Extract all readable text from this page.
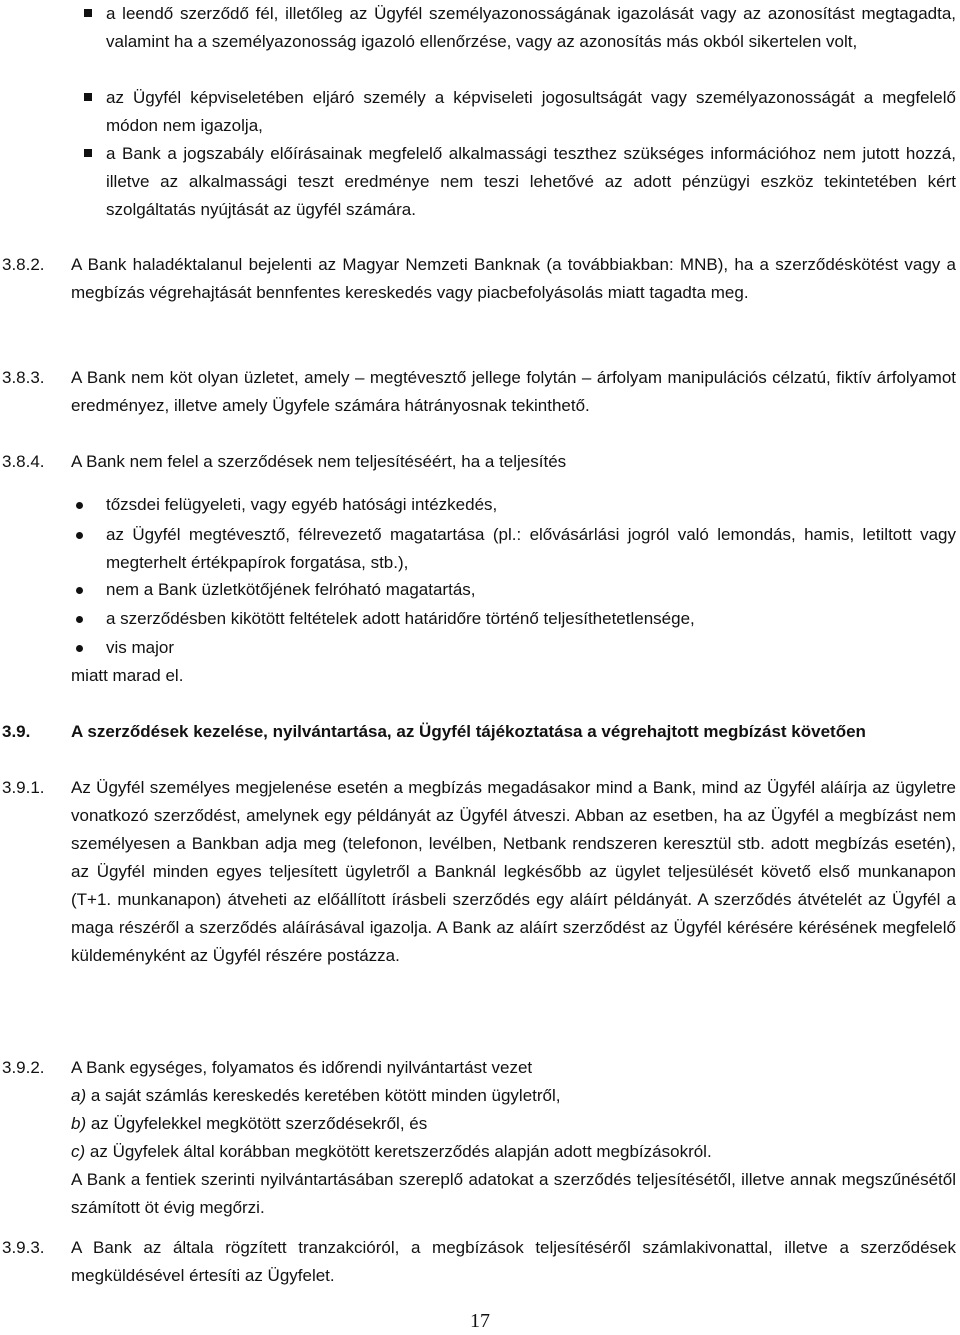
a leendő szerződő fél, illetőleg az Ügyfél személyazonosságának igazolását vagy az azonosítást megtagadta, valamint ha a személyazonosság igazoló ellenőrzése, vagy az azonosítás más okból sikertelen volt,
az Ügyfél képviseletében eljáró személy a képviseleti jogosultságát vagy személyazonosságát a megfelelő módon nem igazolja,
a Bank a jogszabály előírásainak megfelelő alkalmassági teszthez szükséges információhoz nem jutott hozzá, illetve az alkalmassági teszt eredménye nem teszi lehetővé az adott pénzügyi eszköz tekintetében kért szolgáltatás nyújtását az ügyfél számára.
3.8.2. A Bank haladéktalanul bejelenti az Magyar Nemzeti Banknak (a továbbiakban: MNB), ha a szerződéskötést vagy a megbízás végrehajtását bennfentes kereskedés vagy piacbefolyásolás miatt tagadta meg.
3.8.3. A Bank nem köt olyan üzletet, amely – megtévesztő jellege folytán – árfolyam manipulációs célzatú, fiktív árfolyamot eredményez, illetve amely Ügyfele számára hátrányosnak tekinthető.
3.8.4. A Bank nem felel a szerződések nem teljesítéséért, ha a teljesítés
tőzsdei felügyeleti, vagy egyéb hatósági intézkedés,
az Ügyfél megtévesztő, félrevezető magatartása (pl.: elővásárlási jogról való lemondás, hamis, letiltott vagy megterhelt értékpapírok forgatása, stb.),
nem a Bank üzletkötőjének felróható magatartás,
a szerződésben kikötött feltételek adott határidőre történő teljesíthetetlensége,
vis major
miatt marad el.
3.9. A szerződések kezelése, nyilvántartása, az Ügyfél tájékoztatása a végrehajtott megbízást követően
3.9.1. Az Ügyfél személyes megjelenése esetén a megbízás megadásakor mind a Bank, mind az Ügyfél aláírja az ügyletre vonatkozó szerződést, amelynek egy példányát az Ügyfél átveszi. Abban az esetben, ha az Ügyfél a megbízást nem személyesen a Bankban adja meg (telefonon, levélben, Netbank rendszeren keresztül stb. adott megbízás esetén), az Ügyfél minden egyes teljesített ügyletről a Banknál legkésőbb az ügylet teljesülését követő első munkanapon (T+1. munkanapon) átveheti az előállított írásbeli szerződés egy aláírt példányát. A szerződés átvételét az Ügyfél a maga részéről a szerződés aláírásával igazolja. A Bank az aláírt szerződést az Ügyfél kérésére kérésének megfelelő küldeményként az Ügyfél részére postázza.
3.9.2. A Bank egységes, folyamatos és időrendi nyilvántartást vezet
a) a saját számlás kereskedés keretében kötött minden ügyletről,
b) az Ügyfelekkel megkötött szerződésekről, és
c) az Ügyfelek által korábban megkötött keretszerződés alapján adott megbízásokról.
A Bank a fentiek szerinti nyilvántartásában szereplő adatokat a szerződés teljesítésétől, illetve annak megszűnésétől számított öt évig megőrzi.
3.9.3. A Bank az általa rögzített tranzakcióról, a megbízások teljesítéséről számlakivonattal, illetve a szerződések megküldésével értesíti az Ügyfelet.
17
